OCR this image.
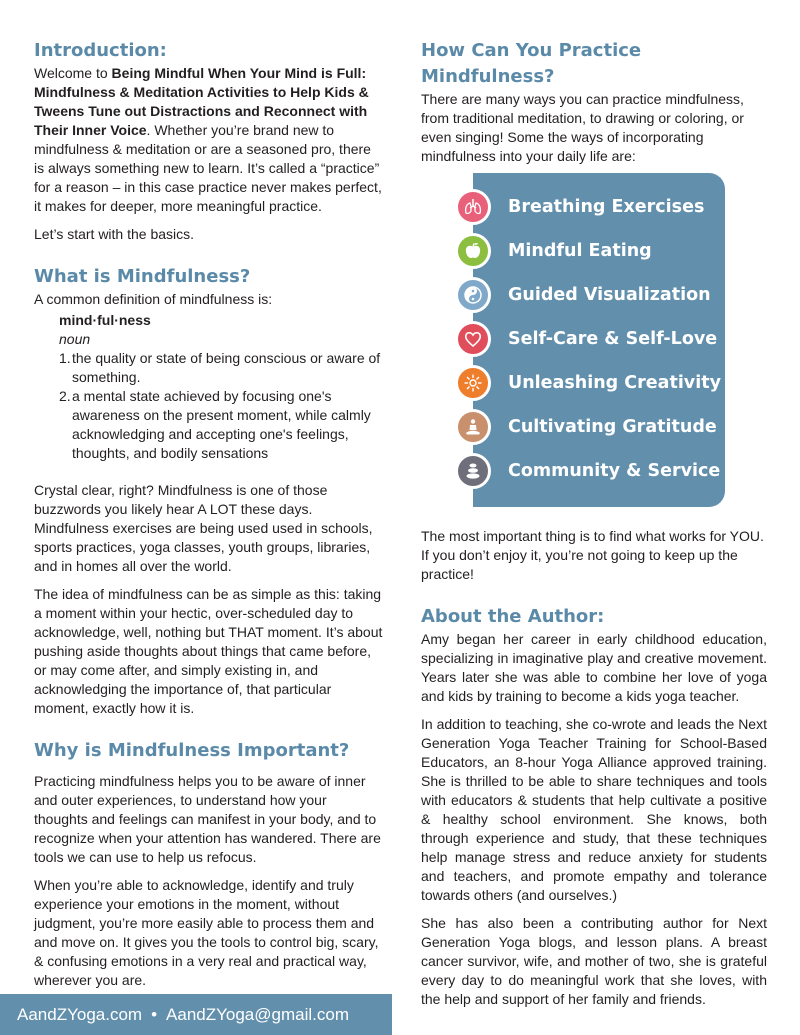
Introduction:

Welcome to Being Mindful When Your Mind is Full: Mindfulness & Meditation Activities to Help Kids & Tweens Tune out Distractions and Reconnect with Their Inner Voice. Whether you’re brand new to mindfulness & meditation or are a seasoned pro, there is always something new to learn. It’s called a “practice” for a reason – in this case practice never makes perfect, it makes for deeper, more meaningful practice.

Let’s start with the basics.

What is Mindfulness?

A common definition of mindfulness is:

mind·ful·ness
noun
1. the quality or state of being conscious or aware of something.
2. a mental state achieved by focusing one's awareness on the present moment, while calmly acknowledging and accepting one's feelings, thoughts, and bodily sensations

Crystal clear, right? Mindfulness is one of those buzzwords you likely hear A LOT these days. Mindfulness exercises are being used used in schools, sports practices, yoga classes, youth groups, libraries, and in homes all over the world.

The idea of mindfulness can be as simple as this: taking a moment within your hectic, over-scheduled day to acknowledge, well, nothing but THAT moment. It’s about pushing aside thoughts about things that came before, or may come after, and simply existing in, and acknowledging the importance of, that particular moment, exactly how it is.

Why is Mindfulness Important?

Practicing mindfulness helps you to be aware of inner and outer experiences, to understand how your thoughts and feelings can manifest in your body, and to recognize when your attention has wandered. There are tools we can use to help us refocus.

When you’re able to acknowledge, identify and truly experience your emotions in the moment, without judgment, you’re more easily able to process them and and move on. It gives you the tools to control big, scary, & confusing emotions in a very real and practical way, wherever you are.

How Can You Practice Mindfulness?

There are many ways you can practice mindfulness, from traditional meditation, to drawing or coloring, or even singing! Some the ways of incorporating mindfulness into your daily life are:

Breathing Exercises
Mindful Eating
Guided Visualization
Self-Care & Self-Love
Unleashing Creativity
Cultivating Gratitude
Community & Service

The most important thing is to find what works for YOU. If you don’t enjoy it, you’re not going to keep up the practice!

About the Author:

Amy began her career in early childhood education, specializing in imaginative play and creative movement. Years later she was able to combine her love of yoga and kids by training to become a kids yoga teacher.

In addition to teaching, she co-wrote and leads the Next Generation Yoga Teacher Training for School-Based Educators, an 8-hour Yoga Alliance approved training. She is thrilled to be able to share techniques and tools with educators & students that help cultivate a positive & healthy school environment. She knows, both through experience and study, that these techniques help manage stress and reduce anxiety for students and teachers, and promote empathy and tolerance towards others (and ourselves.)

She has also been a contributing author for Next Generation Yoga blogs, and lesson plans. A breast cancer survivor, wife, and mother of two, she is grateful every day to do meaningful work that she loves, with the help and support of her family and friends.

AandZYoga.com • AandZYoga@gmail.com
